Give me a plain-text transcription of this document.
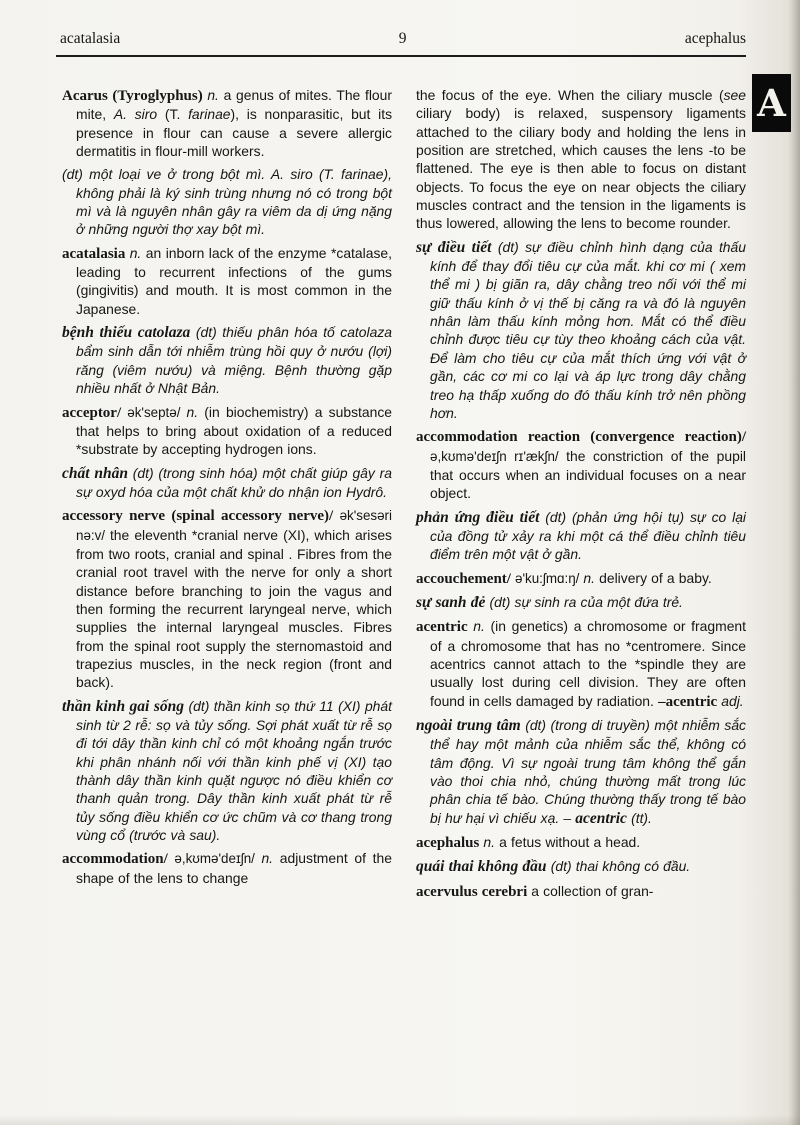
acatalasia	9	acephalus
A
Acarus (Tyroglyphus) n. a genus of mites. The flour mite, A. siro (T. farinae), is nonparasitic, but its presence in flour can cause a severe allergic dermatitis in flour-mill workers.
(dt) một loại ve ở trong bột mì. A. siro (T. farinae), không phải là ký sinh trùng nhưng nó có trong bột mì và là nguyên nhân gây ra viêm da dị ứng nặng ở những người thợ xay bột mì.
acatalasia n. an inborn lack of the enzyme *catalase, leading to recurrent infections of the gums (gingivitis) and mouth. It is most common in the Japanese.
bệnh thiếu catolaza (dt) thiếu phân hóa tố catolaza bẩm sinh dẫn tới nhiễm trùng hồi quy ở nướu (lợi) răng (viêm nướu) và miệng. Bệnh thường gặp nhiều nhất ở Nhật Bản.
acceptor/ ək'septə/ n. (in biochemistry) a substance that helps to bring about oxidation of a reduced *substrate by accepting hydrogen ions.
chất nhân (dt) (trong sinh hóa) một chất giúp gây ra sự oxyd hóa của một chất khử do nhận ion Hydrô.
accessory nerve (spinal accessory nerve)/ ək'sesəri nə:v/ the eleventh *cranial nerve (XI), which arises from two roots, cranial and spinal . Fibres from the cranial root travel with the nerve for only a short distance before branching to join the vagus and then forming the recurrent laryngeal nerve, which supplies the internal laryngeal muscles. Fibres from the spinal root supply the sternomastoid and trapezius muscles, in the neck region (front and back).
thần kinh gai sống (dt) thần kinh sọ thứ 11 (XI) phát sinh từ 2 rễ: sọ và tủy sống. Sợi phát xuất từ rễ sọ đi tới dây thần kinh chỉ có một khoảng ngắn trước khi phân nhánh nối với thần kinh phế vị (XI) tạo thành dây thần kinh quặt ngược nó điều khiển cơ thanh quản trong. Dây thần kinh xuất phát từ rễ tủy sống điều khiển cơ ức chũm và cơ thang trong vùng cổ (trước và sau).
accommodation/ ə,kʊmə'deɪʃn/ n. adjustment of the shape of the lens to change
the focus of the eye. When the ciliary muscle (see ciliary body) is relaxed, suspensory ligaments attached to the ciliary body and holding the lens in position are stretched, which causes the lens -to be flattened. The eye is then able to focus on distant objects. To focus the eye on near objects the ciliary muscles contract and the tension in the ligaments is thus lowered, allowing the lens to become rounder.
sự điều tiết (dt) sự điều chỉnh hình dạng của thấu kính để thay đổi tiêu cự của mắt. khi cơ mi ( xem thể mi ) bị giãn ra, dây chằng treo nối với thể mi giữ thấu kính ở vị thế bị căng ra và đó là nguyên nhân làm thấu kính mỏng hơn. Mắt có thể điều chỉnh được tiêu cự tùy theo khoảng cách của vật. Để làm cho tiêu cự của mắt thích ứng với vật ở gần, các cơ mi co lại và áp lực trong dây chằng treo hạ thấp xuống do đó thấu kính trở nên phồng hơn.
accommodation reaction (convergence reaction)/ ə,kʊmə'deɪʃn rɪ'ækʃn/ the constriction of the pupil that occurs when an individual focuses on a near object.
phản ứng điều tiết (dt) (phản ứng hội tụ) sự co lại của đồng tử xảy ra khi một cá thể điều chỉnh tiêu điểm trên một vật ở gần.
accouchement/ ə'ku:ʃmɑ:ŋ/ n. delivery of a baby.
sự sanh đẻ (dt) sự sinh ra của một đứa trẻ.
acentric n. (in genetics) a chromosome or fragment of a chromosome that has no *centromere. Since acentrics cannot attach to the *spindle they are usually lost during cell division. They are often found in cells damaged by radiation. –acentric adj.
ngoài trung tâm (dt) (trong di truyền) một nhiễm sắc thể hay một mảnh của nhiễm sắc thể, không có tâm động. Vì sự ngoài trung tâm không thể gắn vào thoi chia nhỏ, chúng thường mất trong lúc phân chia tế bào. Chúng thường thấy trong tế bào bị hư hại vì chiếu xạ. – acentric (tt).
acephalus n. a fetus without a head.
quái thai không đầu (dt) thai không có đầu.
acervulus cerebri a collection of gran-
